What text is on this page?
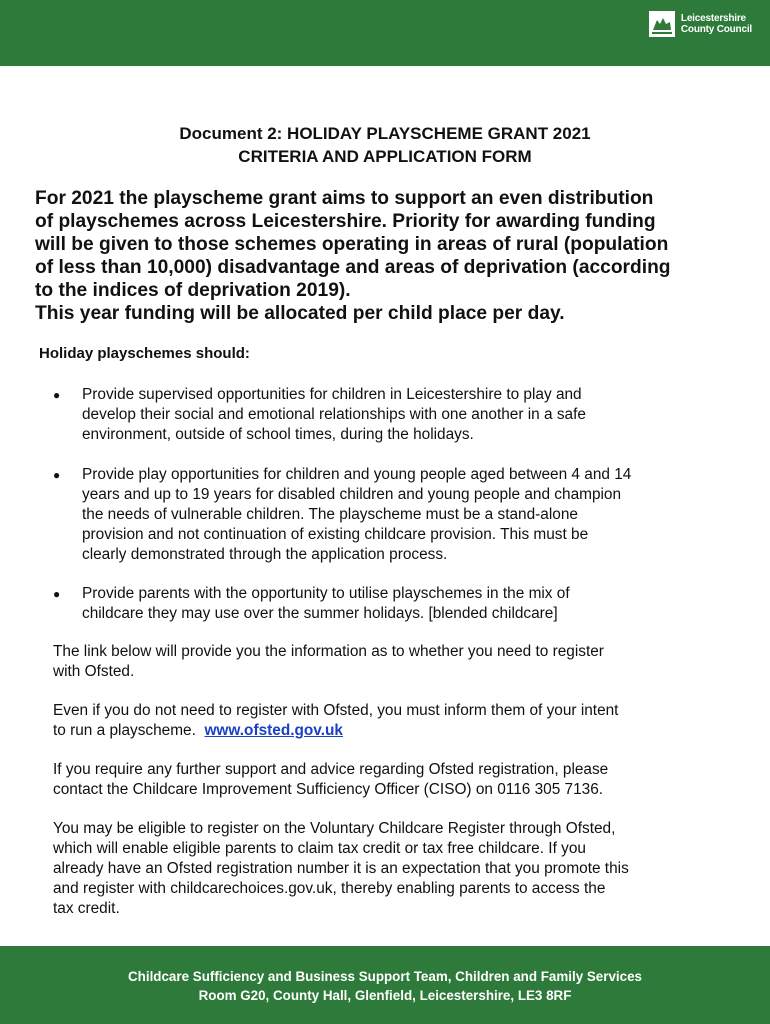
Leicestershire
County Council
Document 2: HOLIDAY PLAYSCHEME GRANT 2021
CRITERIA AND APPLICATION FORM

For 2021 the playscheme grant aims to support an even distribution

of playschemes across Leicestershire. Priority for awarding funding

will be given to those schemes operating in areas of rural (population

of less than 10,000) disadvantage and areas of deprivation (according

to the indices of deprivation 2019).

This year funding will be allocated per child place per day.

Holiday playschemes should:
● Provide supervised opportunities for children in Leicestershire to play and
develop their social and emotional relationships with one another in a safe
environment, outside of school times, during the holidays.
● Provide play opportunities for children and young people aged between 4 and 14
years and up to 19 years for disabled children and young people and champion
the needs of vulnerable children. The playscheme must be a stand-alone
provision and not continuation of existing childcare provision. This must be
clearly demonstrated through the application process.
● Provide parents with the opportunity to utilise playschemes in the mix of
childcare they may use over the summer holidays. [blended childcare]
The link below will provide you the information as to whether you need to register
with Ofsted.
Even if you do not need to register with Ofsted, you must inform them of your intent
to run a playscheme. www.ofsted.gov.uk
If you require any further support and advice regarding Ofsted registration, please
contact the Childcare Improvement Sufficiency Officer (CISO) on 0116 305 7136.
You may be eligible to register on the Voluntary Childcare Register through Ofsted,
which will enable eligible parents to claim tax credit or tax free childcare. If you
already have an Ofsted registration number it is an expectation that you promote this
and register with childcarechoices.gov.uk, thereby enabling parents to access the
tax credit.
Childcare Sufficiency and Business Support Team, Children and Family Services
Room G20, County Hall, Glenfield, Leicestershire, LE3 8RF
